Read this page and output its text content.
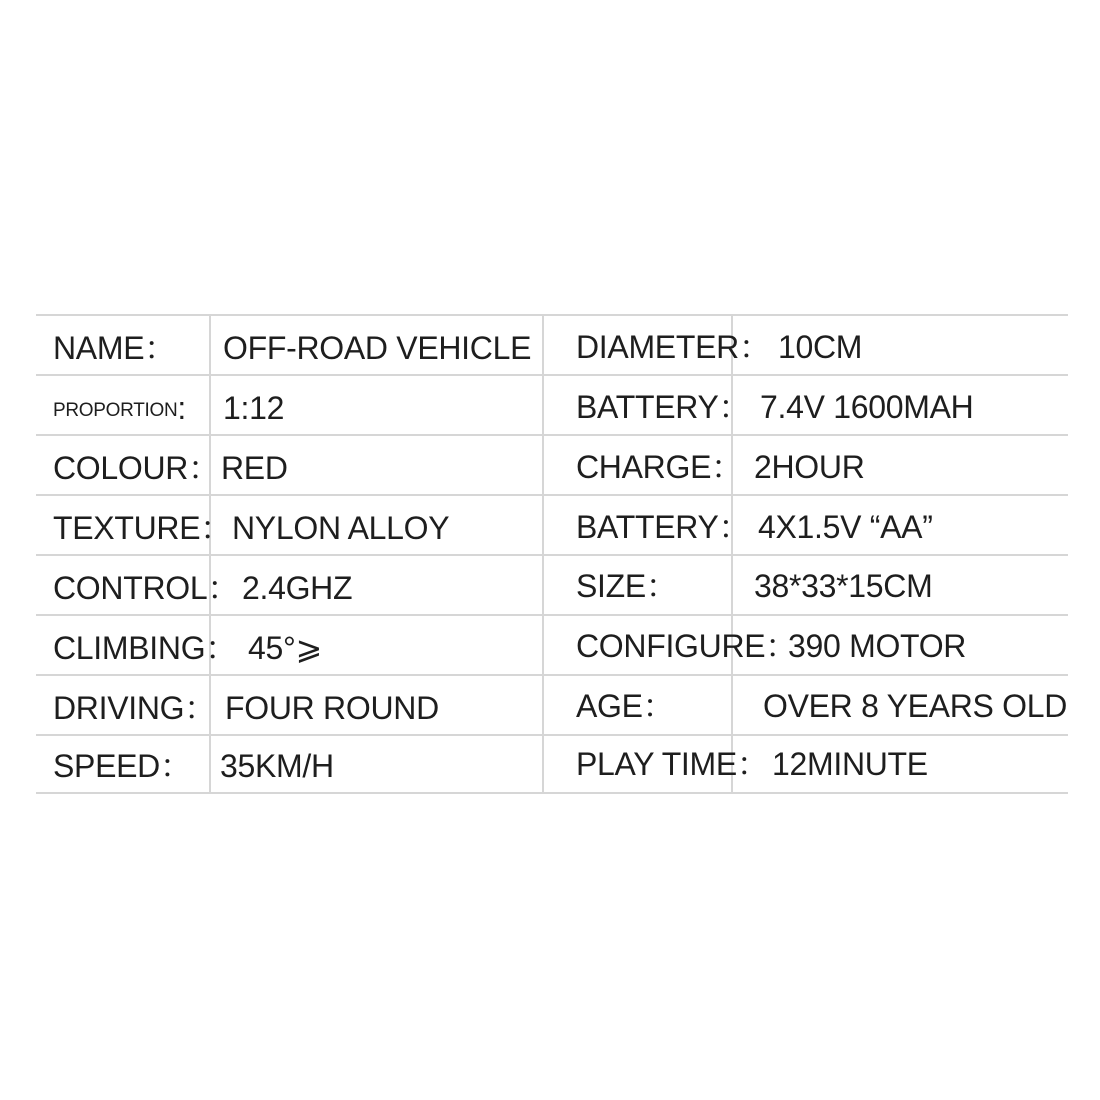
NAME：
PROPORTION:
COLOUR：
TEXTURE：
CONTROL：
CLIMBING：
DRIVING：
SPEED：
OFF-ROAD VEHICLE
1:12
RED
NYLON ALLOY
2.4GHZ
45°⩾
FOUR ROUND
35KM/H
DIAMETER：
BATTERY：
CHARGE：
BATTERY：
SIZE：
CONFIGURE：
AGE：
PLAY TIME：
10CM
7.4V 1600MAH
2HOUR
4X1.5V “AA”
38*33*15CM
390 MOTOR
OVER 8 YEARS OLD
12MINUTE
